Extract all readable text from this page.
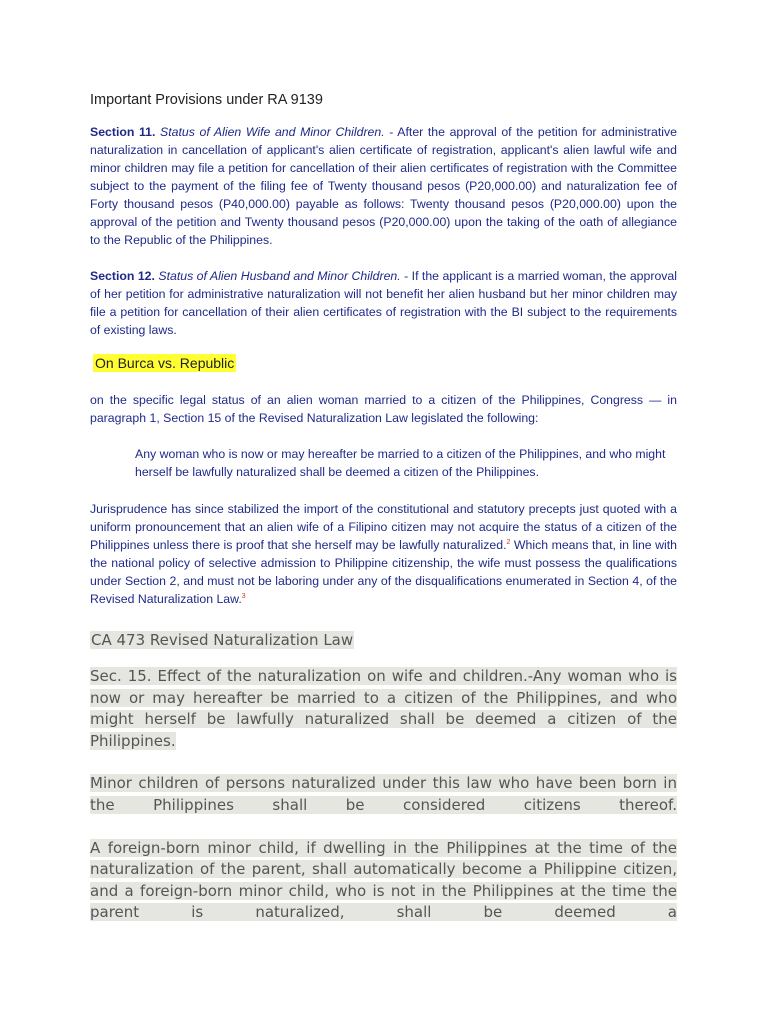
Important Provisions under RA 9139

Section 11. Status of Alien Wife and Minor Children. - After the approval of the petition for administrative naturalization in cancellation of applicant's alien certificate of registration, applicant's alien lawful wife and minor children may file a petition for cancellation of their alien certificates of registration with the Committee subject to the payment of the filing fee of Twenty thousand pesos (P20,000.00) and naturalization fee of Forty thousand pesos (P40,000.00) payable as follows: Twenty thousand pesos (P20,000.00) upon the approval of the petition and Twenty thousand pesos (P20,000.00) upon the taking of the oath of allegiance to the Republic of the Philippines.

Section 12. Status of Alien Husband and Minor Children. - If the applicant is a married woman, the approval of her petition for administrative naturalization will not benefit her alien husband but her minor children may file a petition for cancellation of their alien certificates of registration with the BI subject to the requirements of existing laws.

On Burca vs. Republic

on the specific legal status of an alien woman married to a citizen of the Philippines, Congress — in paragraph 1, Section 15 of the Revised Naturalization Law legislated the following:

Any woman who is now or may hereafter be married to a citizen of the Philippines, and who might herself be lawfully naturalized shall be deemed a citizen of the Philippines.

Jurisprudence has since stabilized the import of the constitutional and statutory precepts just quoted with a uniform pronouncement that an alien wife of a Filipino citizen may not acquire the status of a citizen of the Philippines unless there is proof that she herself may be lawfully naturalized.$^2$ Which means that, in line with the national policy of selective admission to Philippine citizenship, the wife must possess the qualifications under Section 2, and must not be laboring under any of the disqualifications enumerated in Section 4, of the Revised Naturalization Law.$^3$

CA 473 Revised Naturalization Law

Sec. 15. Effect of the naturalization on wife and children.-Any woman who is now or may hereafter be married to a citizen of the Philippines, and who might herself be lawfully naturalized shall be deemed a citizen of the Philippines.

Minor children of persons naturalized under this law who have been born in the Philippines shall be considered citizens thereof.

A foreign-born minor child, if dwelling in the Philippines at the time of the naturalization of the parent, shall automatically become a Philippine citizen, and a foreign-born minor child, who is not in the Philippines at the time the parent is naturalized, shall be deemed a
